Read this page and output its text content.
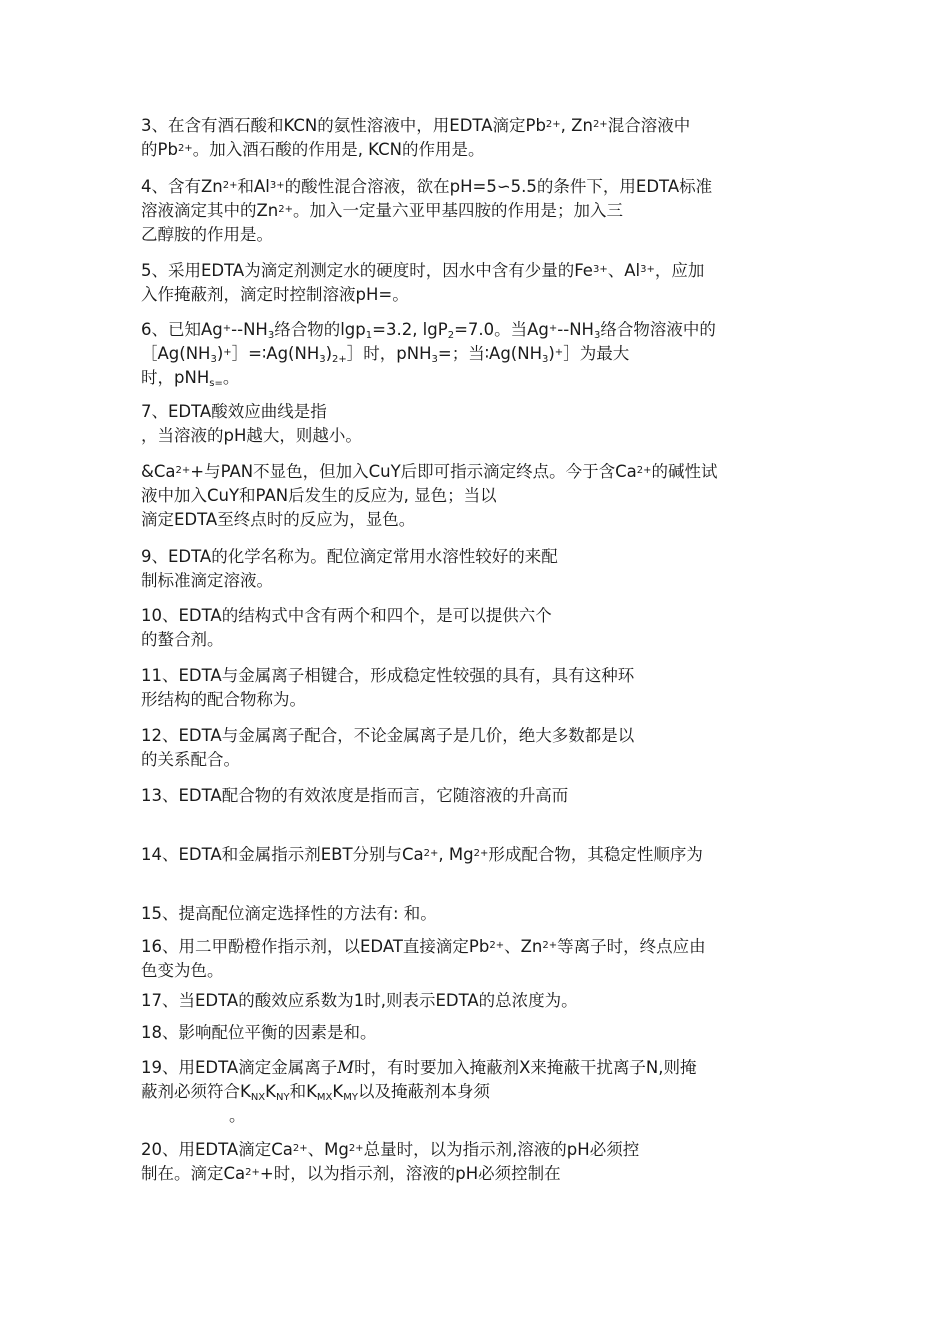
3、在含有酒石酸和KCN的氨性溶液中，用EDTA滴定$Pb^{2+}$, $Zn^{2+}$混合溶液中
的$Pb^{2+}$。加入酒石酸的作用是, KCN的作用是。
4、含有$Zn^{2+}$和$Al^{3+}$的酸性混合溶液，欲在pH=5∽5.5的条件下，用EDTA标准
溶液滴定其中的$Zn^{2+}$。加入一定量六亚甲基四胺的作用是；加入三
乙醇胺的作用是。
5、采用EDTA为滴定剂测定水的硬度时，因水中含有少量的$Fe^{3+}$、$Al^{3+}$，应加
入作掩蔽剂，滴定时控制溶液pH=。
6、已知$Ag^+--NH_3$络合物的lgp$_1$=3.2, lgP$_2$=7.0。当$Ag^+--NH_3$络合物溶液中的
$[Ag(NH_3)^+]=∶Ag(NH_3)_{2+}]$时，pNH$_3$=；当$∶Ag(NH_3)^+]$为最大
时，pNH$_{s=}$。
7、EDTA酸效应曲线是指
，当溶液的pH越大，则越小。
$\&Ca^{2+}+$与PAN不显色，但加入CuY后即可指示滴定终点。今于含$Ca^{2+}$的碱性试
液中加入CuY和PAN后发生的反应为, 显色；当以
滴定EDTA至终点时的反应为，显色。
9、EDTA的化学名称为。配位滴定常用水溶性较好的来配
制标准滴定溶液。
10、EDTA的结构式中含有两个和四个，是可以提供六个
的螯合剂。
11、EDTA与金属离子相键合，形成稳定性较强的具有，具有这种环
形结构的配合物称为。
12、EDTA与金属离子配合，不论金属离子是几价，绝大多数都是以
的关系配合。
13、EDTA配合物的有效浓度是指而言，它随溶液的升高而
14、EDTA和金属指示剂EBT分别与$Ca^{2+}$, $Mg^{2+}$形成配合物，其稳定性顺序为
15、提高配位滴定选择性的方法有: 和。
16、用二甲酚橙作指示剂，以EDAT直接滴定$Pb^{2+}$、$Zn^{2+}$等离子时，终点应由
色变为色。
17、当EDTA的酸效应系数为1时,则表示EDTA的总浓度为。
18、影响配位平衡的因素是和。
19、用EDTA滴定金属离子M时，有时要加入掩蔽剂X来掩蔽干扰离子N,则掩
蔽剂必须符合$K_{NX}K_{NY}$和$K_{MX}K_{MY}$以及掩蔽剂本身须
。
20、用EDTA滴定$Ca^{2+}$、$Mg^{2+}$总量时，以为指示剂,溶液的pH必须控
制在。滴定$Ca^{2+}+$时，以为指示剂，溶液的pH必须控制在
